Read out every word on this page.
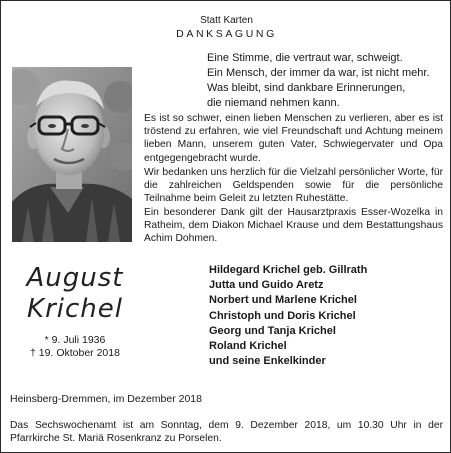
Statt Karten
DANKSAGUNG
Eine Stimme, die vertraut war, schweigt.
Ein Mensch, der immer da war, ist nicht mehr.
Was bleibt, sind dankbare Erinnerungen,
die niemand nehmen kann.
Es ist so schwer, einen lieben Menschen zu verlieren, aber es ist tröstend zu erfahren, wie viel Freundschaft und Achtung meinem lieben Mann, unserem guten Vater, Schwiegervater und Opa entgegengebracht wurde.
Wir bedanken uns herzlich für die Vielzahl persönlicher Worte, für die zahlreichen Geldspenden sowie für die persönliche Teilnahme beim Geleit zu letzten Ruhestätte.
Ein besonderer Dank gilt der Hausarztpraxis Esser-Wozelka in Ratheim, dem Diakon Michael Krause und dem Bestattungshaus Achim Dohmen.
August
Krichel
* 9. Juli 1936
† 19. Oktober 2018
Hildegard Krichel geb. Gillrath
Jutta und Guido Aretz
Norbert und Marlene Krichel
Christoph und Doris Krichel
Georg und Tanja Krichel
Roland Krichel
und seine Enkelkinder
Heinsberg-Dremmen, im Dezember 2018
Das Sechswochenamt ist am Sonntag, dem 9. Dezember 2018, um 10.30 Uhr in der Pfarrkirche St. Mariä Rosenkranz zu Porselen.
